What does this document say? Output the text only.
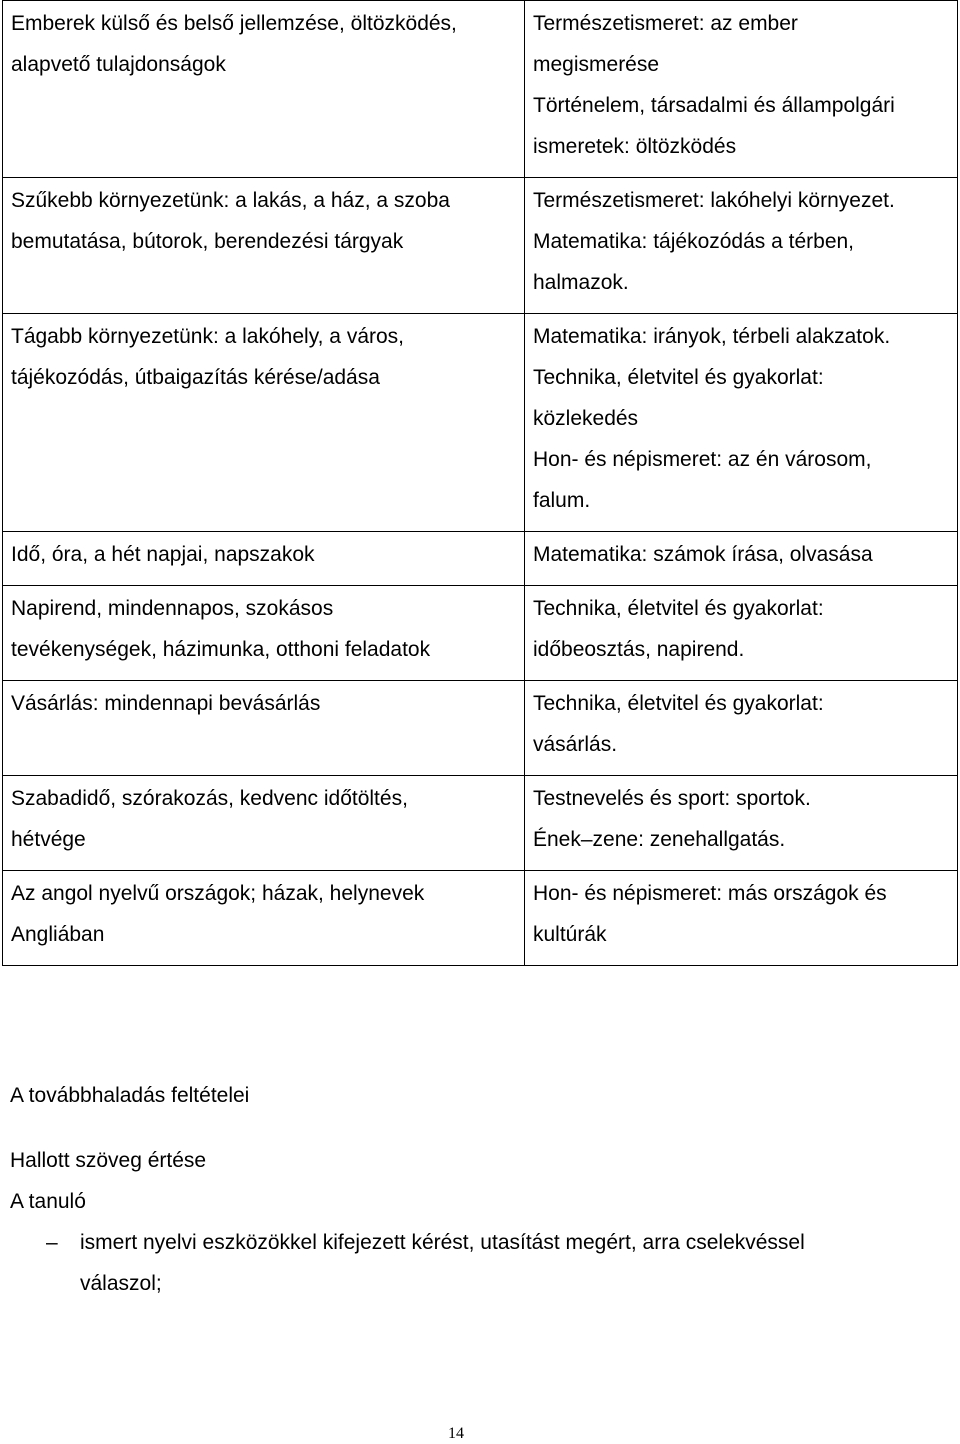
Emberek külső és belső jellemzése, öltözködés,
alapvető tulajdonságok	Természetismeret: az ember
megismerése
Történelem, társadalmi és állampolgári
ismeretek: öltözködés

Szűkebb környezetünk: a lakás, a ház, a szoba
bemutatása, bútorok, berendezési tárgyak	Természetismeret: lakóhelyi környezet.
Matematika: tájékozódás a térben,
halmazok.

Tágabb környezetünk: a lakóhely, a város,
tájékozódás, útbaigazítás kérése/adása	Matematika: irányok, térbeli alakzatok.
Technika, életvitel és gyakorlat:
közlekedés
Hon- és népismeret: az én városom,
falum.

Idő, óra, a hét napjai, napszakok	Matematika: számok írása, olvasása

Napirend, mindennapos, szokásos
tevékenységek, házimunka, otthoni feladatok	Technika, életvitel és gyakorlat:
időbeosztás, napirend.

Vásárlás: mindennapi bevásárlás	Technika, életvitel és gyakorlat:
vásárlás.

Szabadidő, szórakozás, kedvenc időtöltés,
hétvége	Testnevelés és sport: sportok.
Ének–zene: zenehallgatás.

Az angol nyelvű országok; házak, helynevek
Angliában	Hon- és népismeret: más országok és
kultúrák
A továbbhaladás feltételei
Hallott szöveg értése
A tanuló
–	ismert nyelvi eszközökkel kifejezett kérést, utasítást megért, arra cselekvéssel
válaszol;
14
